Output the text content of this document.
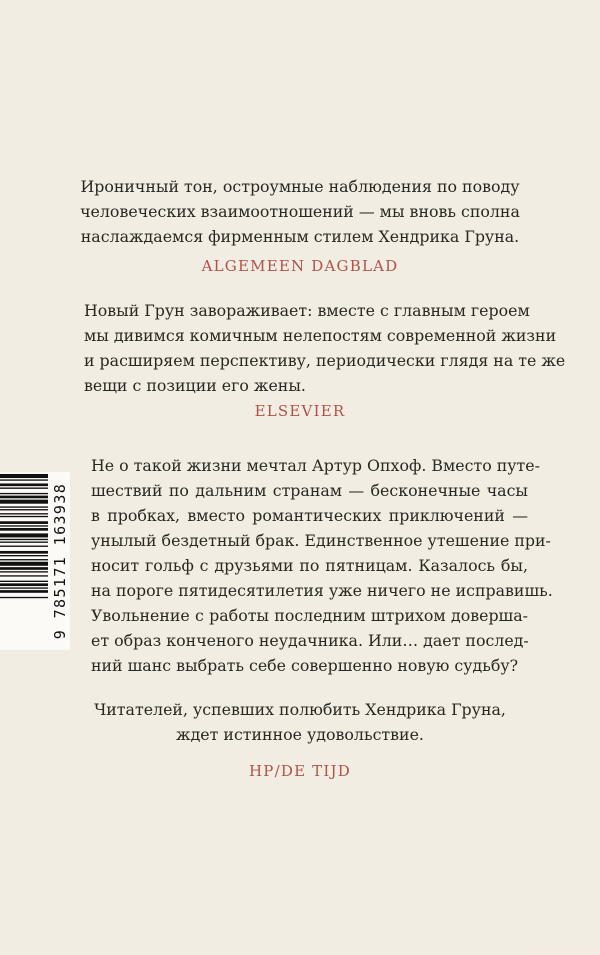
Ироничный тон, остроумные наблюдения по поводу
человеческих взаимоотношений — мы вновь сполна
наслаждаемся фирменным стилем Хендрика Груна.

ALGEMEEN DAGBLAD

Новый Грун завораживает: вместе с главным героем
мы дивимся комичным нелепостям современной жизни
и расширяем перспективу, периодически глядя на те же
вещи с позиции его жены.

ELSEVIER

Не о такой жизни мечтал Артур Опхоф. Вместо путе-
шествий по дальним странам — бесконечные часы
в пробках, вместо романтических приключений —
унылый бездетный брак. Единственное утешение при-
носит гольф с друзьями по пятницам. Казалось бы,
на пороге пятидесятилетия уже ничего не исправишь.
Увольнение с работы последним штрихом доверша-
ет образ конченого неудачника. Или… дает послед-
ний шанс выбрать себе совершенно новую судьбу?

Читателей, успевших полюбить Хендрика Груна,
ждет истинное удовольствие.

HP/DE TIJD

9 785171 163938
